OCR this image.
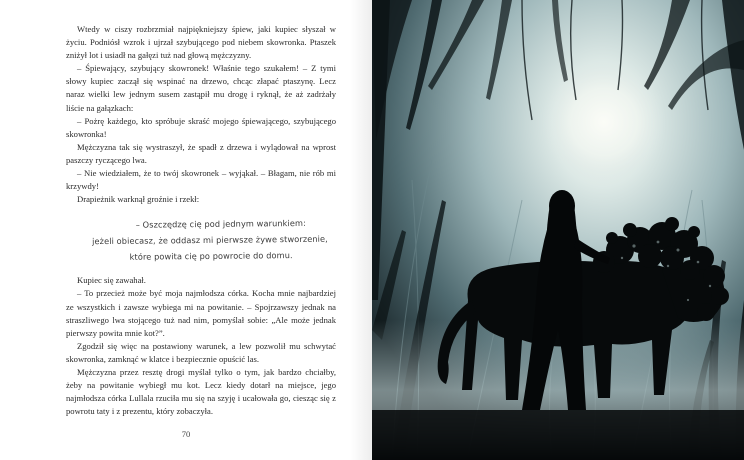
Wtedy w ciszy rozbrzmiał najpiękniejszy śpiew, jaki kupiec słyszał w życiu. Podniósł wzrok i ujrzał szybującego pod niebem skowronka. Ptaszek zniżył lot i usiadł na gałęzi tuż nad głową mężczyzny.

– Śpiewający, szybujący skowronek! Właśnie tego szukałem! – Z tymi słowy kupiec zaczął się wspinać na drzewo, chcąc złapać ptaszynę. Lecz naraz wielki lew jednym susem zastąpił mu drogę i ryknął, że aż zadrżały liście na gałązkach:

– Pożrę każdego, kto spróbuje skraść mojego śpiewającego, szybującego skowronka!

Mężczyzna tak się wystraszył, że spadł z drzewa i wylądował na wprost paszczy ryczącego lwa.

– Nie wiedziałem, że to twój skowronek – wyjąkał. – Błagam, nie rób mi krzywdy!

Drapieżnik warknął groźnie i rzekł:

– Oszczędzę cię pod jednym warunkiem:
jeżeli obiecasz, że oddasz mi pierwsze żywe stworzenie,
które powita cię po powrocie do domu.

Kupiec się zawahał.

– To przecież może być moja najmłodsza córka. Kocha mnie najbardziej ze wszystkich i zawsze wybiega mi na powitanie. – Spojrzawszy jednak na straszliwego lwa stojącego tuż nad nim, pomyślał sobie: „Ale może jednak pierwszy powita mnie kot?”.

Zgodził się więc na postawiony warunek, a lew pozwolił mu schwytać skowronka, zamknąć w klatce i bezpiecznie opuścić las.

Mężczyzna przez resztę drogi myślał tylko o tym, jak bardzo chciałby, żeby na powitanie wybiegł mu kot. Lecz kiedy dotarł na miejsce, jego najmłodsza córka Lullala rzuciła mu się na szyję i ucałowała go, ciesząc się z powrotu taty i z prezentu, który zobaczyła.

70
